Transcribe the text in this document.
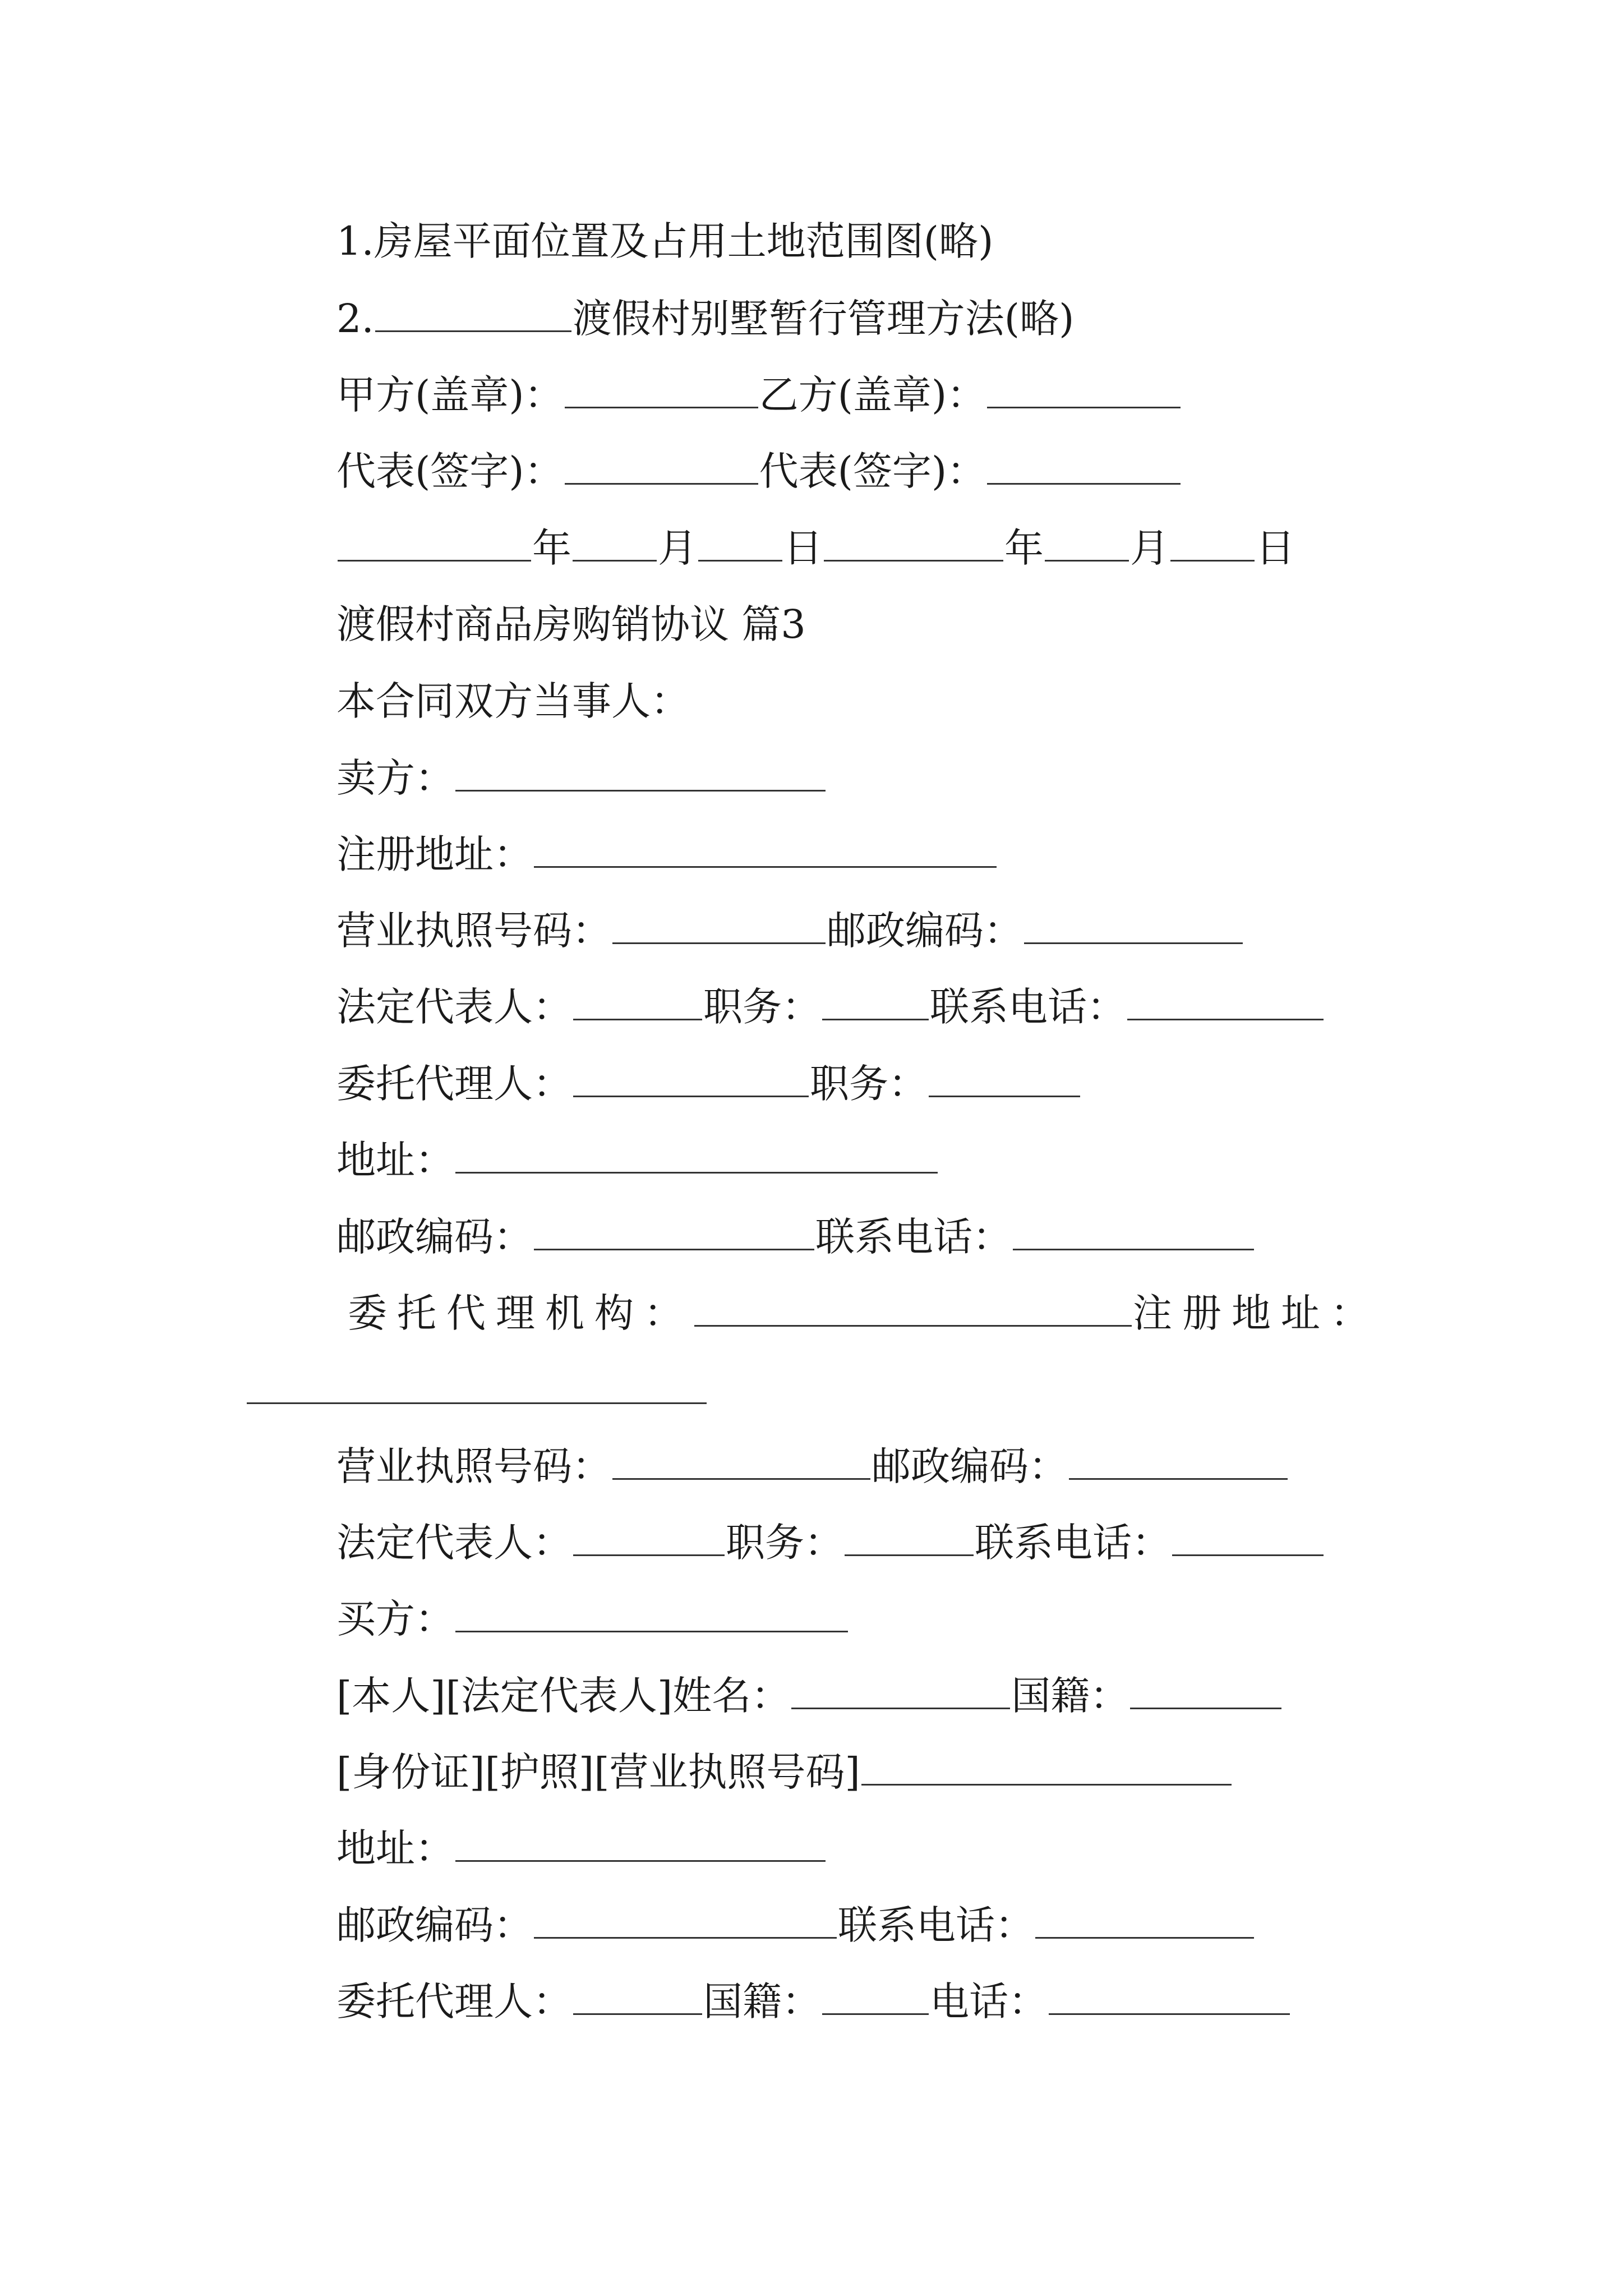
1.房屋平面位置及占用土地范围图(略)
2.	渡假村别墅暂行管理方法(略)
甲方(盖章)：	乙方(盖章)：
代表(签字)：	代表(签字)：
年 月 日	年 月 日
渡假村商品房购销协议 篇3
本合同双方当事人：
卖方：
注册地址：
营业执照号码：	邮政编码：
法定代表人：	职务：	联系电话：
委托代理人：	职务：
地址：
邮政编码：	联系电话：
委托代理机构：	注册地址：
营业执照号码：	邮政编码：
法定代表人：	职务：	联系电话：
买方：
[本人][法定代表人]姓名：	国籍：
[身份证][护照][营业执照号码]
地址：
邮政编码：	联系电话：
委托代理人：	国籍：	电话：
